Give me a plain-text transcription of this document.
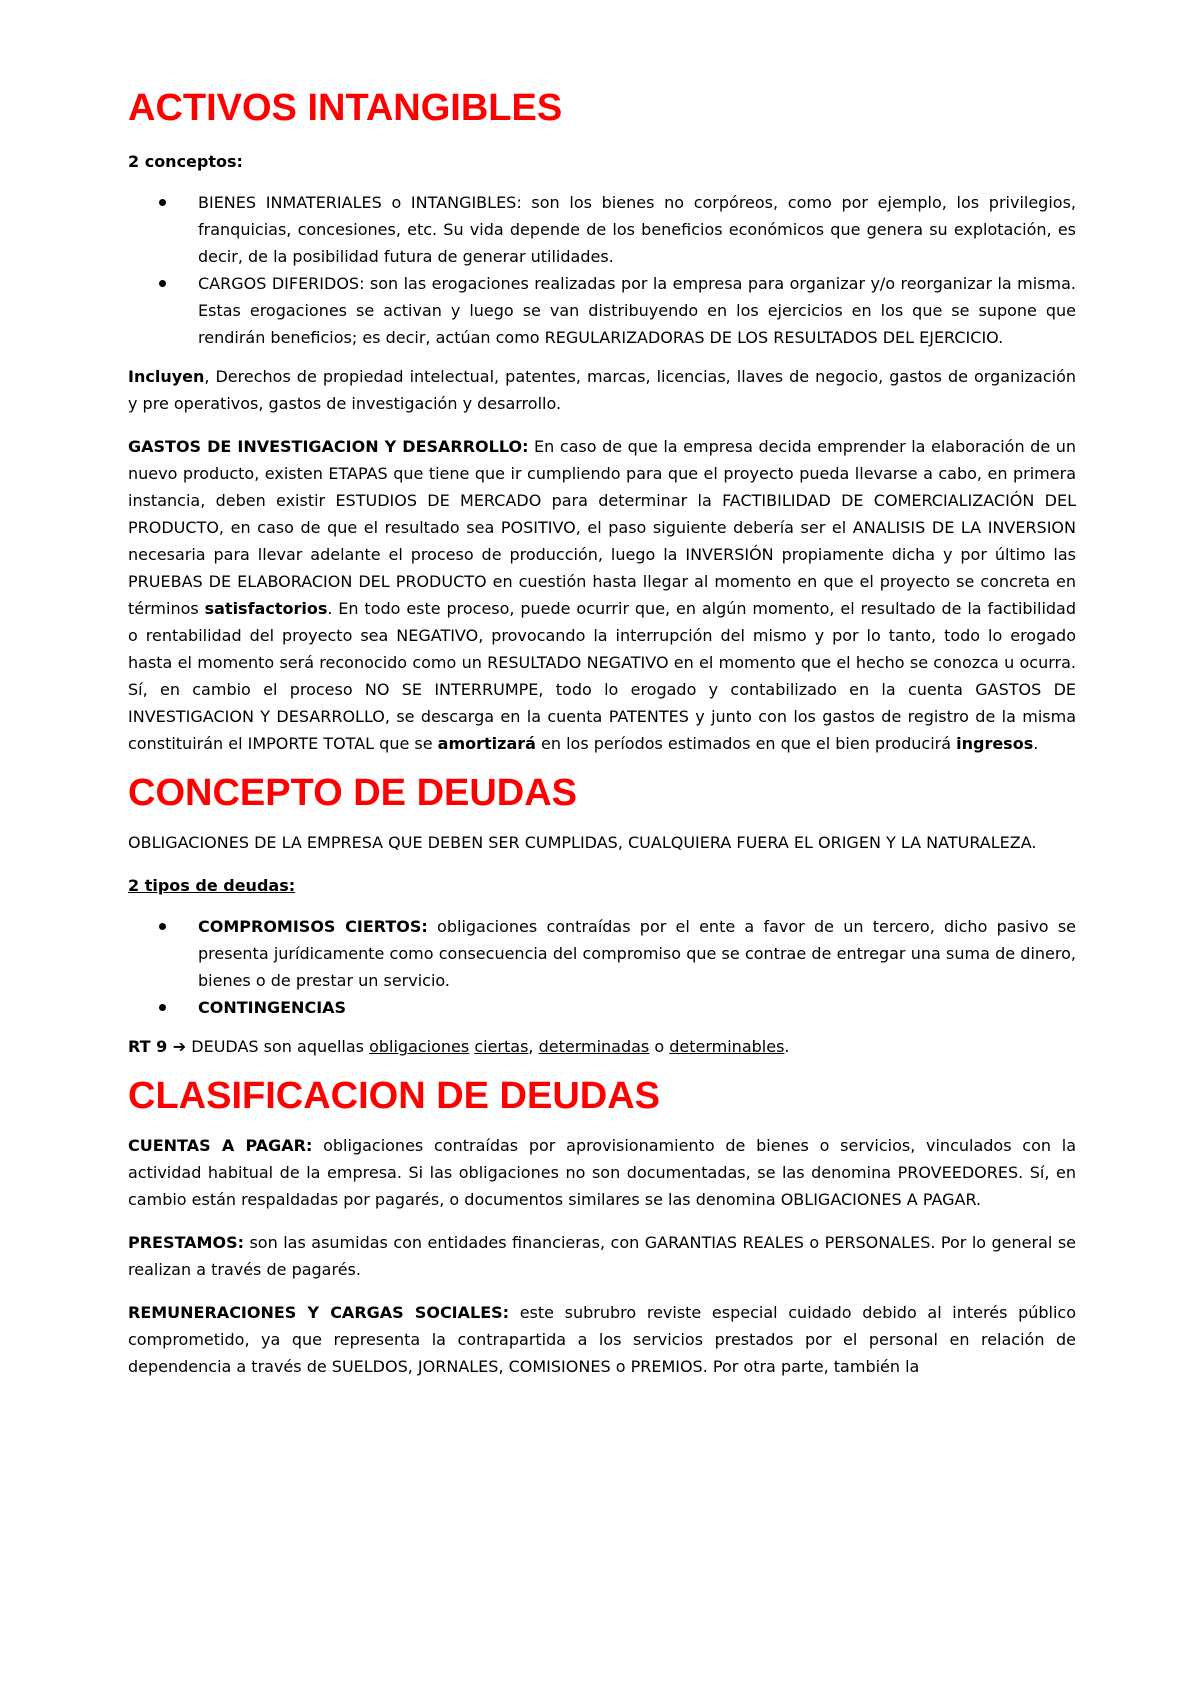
ACTIVOS INTANGIBLES

2 conceptos:

BIENES INMATERIALES o INTANGIBLES: son los bienes no corpóreos, como por ejemplo, los privilegios, franquicias, concesiones, etc. Su vida depende de los beneficios económicos que genera su explotación, es decir, de la posibilidad futura de generar utilidades.
CARGOS DIFERIDOS: son las erogaciones realizadas por la empresa para organizar y/o reorganizar la misma. Estas erogaciones se activan y luego se van distribuyendo en los ejercicios en los que se supone que rendirán beneficios; es decir, actúan como REGULARIZADORAS DE LOS RESULTADOS DEL EJERCICIO.

Incluyen, Derechos de propiedad intelectual, patentes, marcas, licencias, llaves de negocio, gastos de organización y pre operativos, gastos de investigación y desarrollo.

GASTOS DE INVESTIGACION Y DESARROLLO: En caso de que la empresa decida emprender la elaboración de un nuevo producto, existen ETAPAS que tiene que ir cumpliendo para que el proyecto pueda llevarse a cabo, en primera instancia, deben existir ESTUDIOS DE MERCADO para determinar la FACTIBILIDAD DE COMERCIALIZACIÓN DEL PRODUCTO, en caso de que el resultado sea POSITIVO, el paso siguiente debería ser el ANALISIS DE LA INVERSION necesaria para llevar adelante el proceso de producción, luego la INVERSIÓN propiamente dicha y por último las PRUEBAS DE ELABORACION DEL PRODUCTO en cuestión hasta llegar al momento en que el proyecto se concreta en términos satisfactorios. En todo este proceso, puede ocurrir que, en algún momento, el resultado de la factibilidad o rentabilidad del proyecto sea NEGATIVO, provocando la interrupción del mismo y por lo tanto, todo lo erogado hasta el momento será reconocido como un RESULTADO NEGATIVO en el momento que el hecho se conozca u ocurra. Sí, en cambio el proceso NO SE INTERRUMPE, todo lo erogado y contabilizado en la cuenta GASTOS DE INVESTIGACION Y DESARROLLO, se descarga en la cuenta PATENTES y junto con los gastos de registro de la misma constituirán el IMPORTE TOTAL que se amortizará en los períodos estimados en que el bien producirá ingresos.

CONCEPTO DE DEUDAS

OBLIGACIONES DE LA EMPRESA QUE DEBEN SER CUMPLIDAS, CUALQUIERA FUERA EL ORIGEN Y LA NATURALEZA.

2 tipos de deudas:

COMPROMISOS CIERTOS: obligaciones contraídas por el ente a favor de un tercero, dicho pasivo se presenta jurídicamente como consecuencia del compromiso que se contrae de entregar una suma de dinero, bienes o de prestar un servicio.
CONTINGENCIAS

RT 9 ➔ DEUDAS son aquellas obligaciones ciertas, determinadas o determinables.

CLASIFICACION DE DEUDAS

CUENTAS A PAGAR: obligaciones contraídas por aprovisionamiento de bienes o servicios, vinculados con la actividad habitual de la empresa. Si las obligaciones no son documentadas, se las denomina PROVEEDORES. Sí, en cambio están respaldadas por pagarés, o documentos similares se las denomina OBLIGACIONES A PAGAR.

PRESTAMOS: son las asumidas con entidades financieras, con GARANTIAS REALES o PERSONALES. Por lo general se realizan a través de pagarés.

REMUNERACIONES Y CARGAS SOCIALES: este subrubro reviste especial cuidado debido al interés público comprometido, ya que representa la contrapartida a los servicios prestados por el personal en relación de dependencia a través de SUELDOS, JORNALES, COMISIONES o PREMIOS. Por otra parte, también la
